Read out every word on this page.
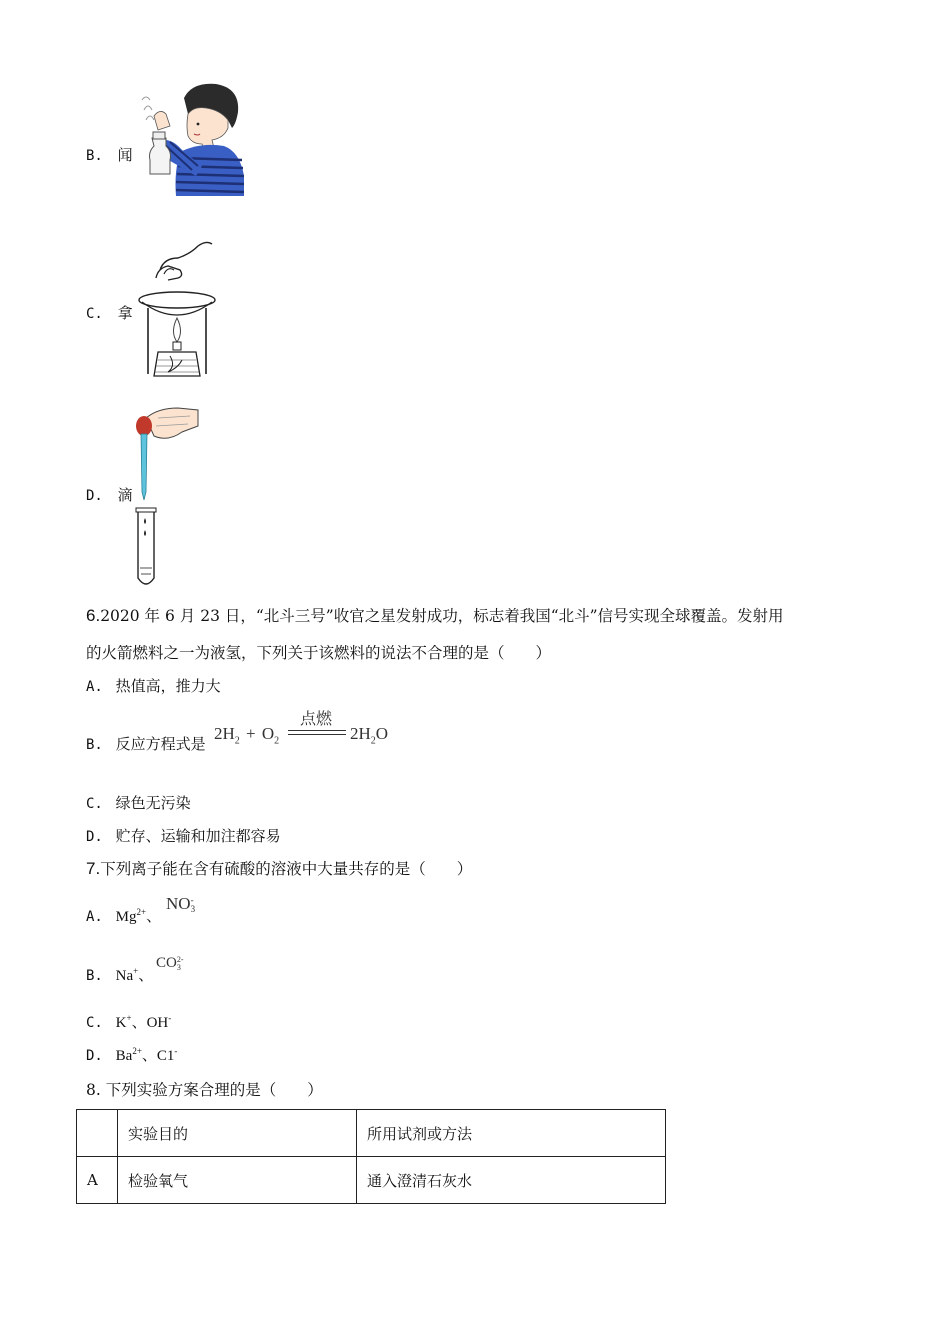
B. 闻
C. 拿
D. 滴
6.2020 年 6 月 23 日，“北斗三号”收官之星发射成功，标志着我国“北斗”信号实现全球覆盖。发射用
的火箭燃料之一为液氢，下列关于该燃料的说法不合理的是（　　）
A. 热值高，推力大
B. 反应方程式是
$2H_2 + O_2$
点燃
$2H_2O$
C. 绿色无污染
D. 贮存、运输和加注都容易
7.下列离子能在含有硫酸的溶液中大量共存的是（　　）
A. $Mg^{2+}$、
NO -
3
B. Na+、
CO 2-
3
C. K+、OH-
D. $Ba^{2+}$、C1-
8. 下列实验方案合理的是（　　）
	实验目的	所用试剂或方法
A	检验氧气	通入澄清石灰水
